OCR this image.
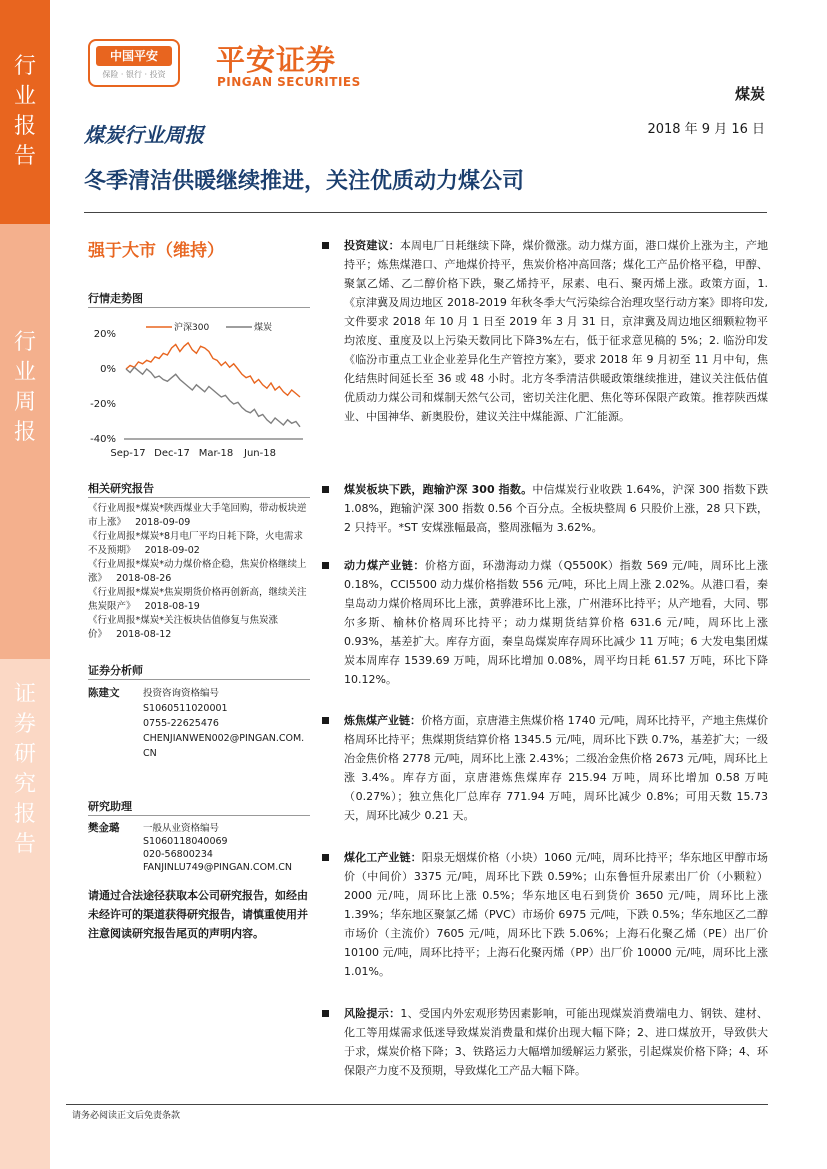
行
业
报
告
行
业
周
报
证
券
研
究
报
告
中国平安
保险 · 银行 · 投资	平安证券
PINGAN SECURITIES
煤炭
2018 年 9 月 16 日
煤炭行业周报
冬季清洁供暖继续推进，关注优质动力煤公司
强于大市（维持）
行情走势图
20%
0%
-20%
-40%
沪深300	煤炭
Sep-17 Dec-17 Mar-18 Jun-18
相关研究报告

《行业周报*煤炭*陕西煤业大手笔回购，带动板块逆市上涨》 2018-09-09

《行业周报*煤炭*8月电厂平均日耗下降，火电需求不及预期》 2018-09-02

《行业周报*煤炭*动力煤价格企稳，焦炭价格继续上涨》 2018-08-26

《行业周报*煤炭*焦炭期货价格再创新高，继续关注焦炭限产》 2018-08-19

《行业周报*煤炭*关注板块估值修复与焦炭涨价》 2018-08-12

证券分析师
陈建文 投资咨询资格编号
S1060511020001
0755-22625476
CHENJIANWEN002@PINGAN.COM.
CN
研究助理
樊金璐 一般从业资格编号
S1060118040069
020-56800234
FANJINLU749@PINGAN.COM.CN
请通过合法途径获取本公司研究报告，如经由未经许可的渠道获得研究报告，请慎重使用并注意阅读研究报告尾页的声明内容。
投资建议：本周电厂日耗继续下降，煤价微涨。动力煤方面，港口煤价上涨为主，产地持平；炼焦煤港口、产地煤价持平，焦炭价格冲高回落；煤化工产品价格平稳，甲醇、聚氯乙烯、乙二醇价格下跌，聚乙烯持平，尿素、电石、聚丙烯上涨。政策方面，1.《京津冀及周边地区 2018-2019 年秋冬季大气污染综合治理攻坚行动方案》即将印发,文件要求 2018 年 10 月 1 日至 2019 年 3 月 31 日，京津冀及周边地区细颗粒物平均浓度、重度及以上污染天数同比下降3%左右，低于征求意见稿的 5%；2. 临汾印发《临汾市重点工业企业差异化生产管控方案》，要求 2018 年 9 月初至 11 月中旬，焦化结焦时间延长至 36 或 48 小时。北方冬季清洁供暖政策继续推进，建议关注低估值优质动力煤公司和煤制天然气公司，密切关注化肥、焦化等环保限产政策。推荐陕西煤业、中国神华、新奥股份，建议关注中煤能源、广汇能源。
煤炭板块下跌，跑输沪深 300 指数。中信煤炭行业收跌 1.64%，沪深 300 指数下跌 1.08%，跑输沪深 300 指数 0.56 个百分点。全板块整周 6 只股价上涨，28 只下跌，2 只持平。*ST 安煤涨幅最高，整周涨幅为 3.62%。
动力煤产业链：价格方面，环渤海动力煤（Q5500K）指数 569 元/吨，周环比上涨 0.18%，CCI5500 动力煤价格指数 556 元/吨，环比上周上涨 2.02%。从港口看，秦皇岛动力煤价格周环比上涨，黄骅港环比上涨，广州港环比持平；从产地看，大同、鄂尔多斯、榆林价格周环比持平；动力煤期货结算价格 631.6 元/吨，周环比上涨 0.93%，基差扩大。库存方面，秦皇岛煤炭库存周环比减少 11 万吨；6 大发电集团煤炭本周库存 1539.69 万吨，周环比增加 0.08%，周平均日耗 61.57 万吨，环比下降 10.12%。
炼焦煤产业链：价格方面，京唐港主焦煤价格 1740 元/吨，周环比持平，产地主焦煤价格周环比持平；焦煤期货结算价格 1345.5 元/吨，周环比下跌 0.7%，基差扩大；一级冶金焦价格 2778 元/吨，周环比上涨 2.43%；二级冶金焦价格 2673 元/吨，周环比上涨 3.4%。库存方面，京唐港炼焦煤库存 215.94 万吨，周环比增加 0.58 万吨（0.27%）；独立焦化厂总库存 771.94 万吨，周环比减少 0.8%；可用天数 15.73 天，周环比减少 0.21 天。
煤化工产业链：阳泉无烟煤价格（小块）1060 元/吨，周环比持平；华东地区甲醇市场价（中间价）3375 元/吨，周环比下跌 0.59%；山东鲁恒升尿素出厂价（小颗粒）2000 元/吨，周环比上涨 0.5%；华东地区电石到货价 3650 元/吨，周环比上涨 1.39%；华东地区聚氯乙烯（PVC）市场价 6975 元/吨，下跌 0.5%；华东地区乙二醇市场价（主流价）7605 元/吨，周环比下跌 5.06%；上海石化聚乙烯（PE）出厂价 10100 元/吨，周环比持平；上海石化聚丙烯（PP）出厂价 10000 元/吨，周环比上涨 1.01%。
风险提示：1、受国内外宏观形势因素影响，可能出现煤炭消费端电力、钢铁、建材、化工等用煤需求低迷导致煤炭消费量和煤价出现大幅下降；2、进口煤放开，导致供大于求，煤炭价格下降；3、铁路运力大幅增加缓解运力紧张，引起煤炭价格下降；4、环保限产力度不及预期，导致煤化工产品大幅下降。
请务必阅读正文后免责条款
